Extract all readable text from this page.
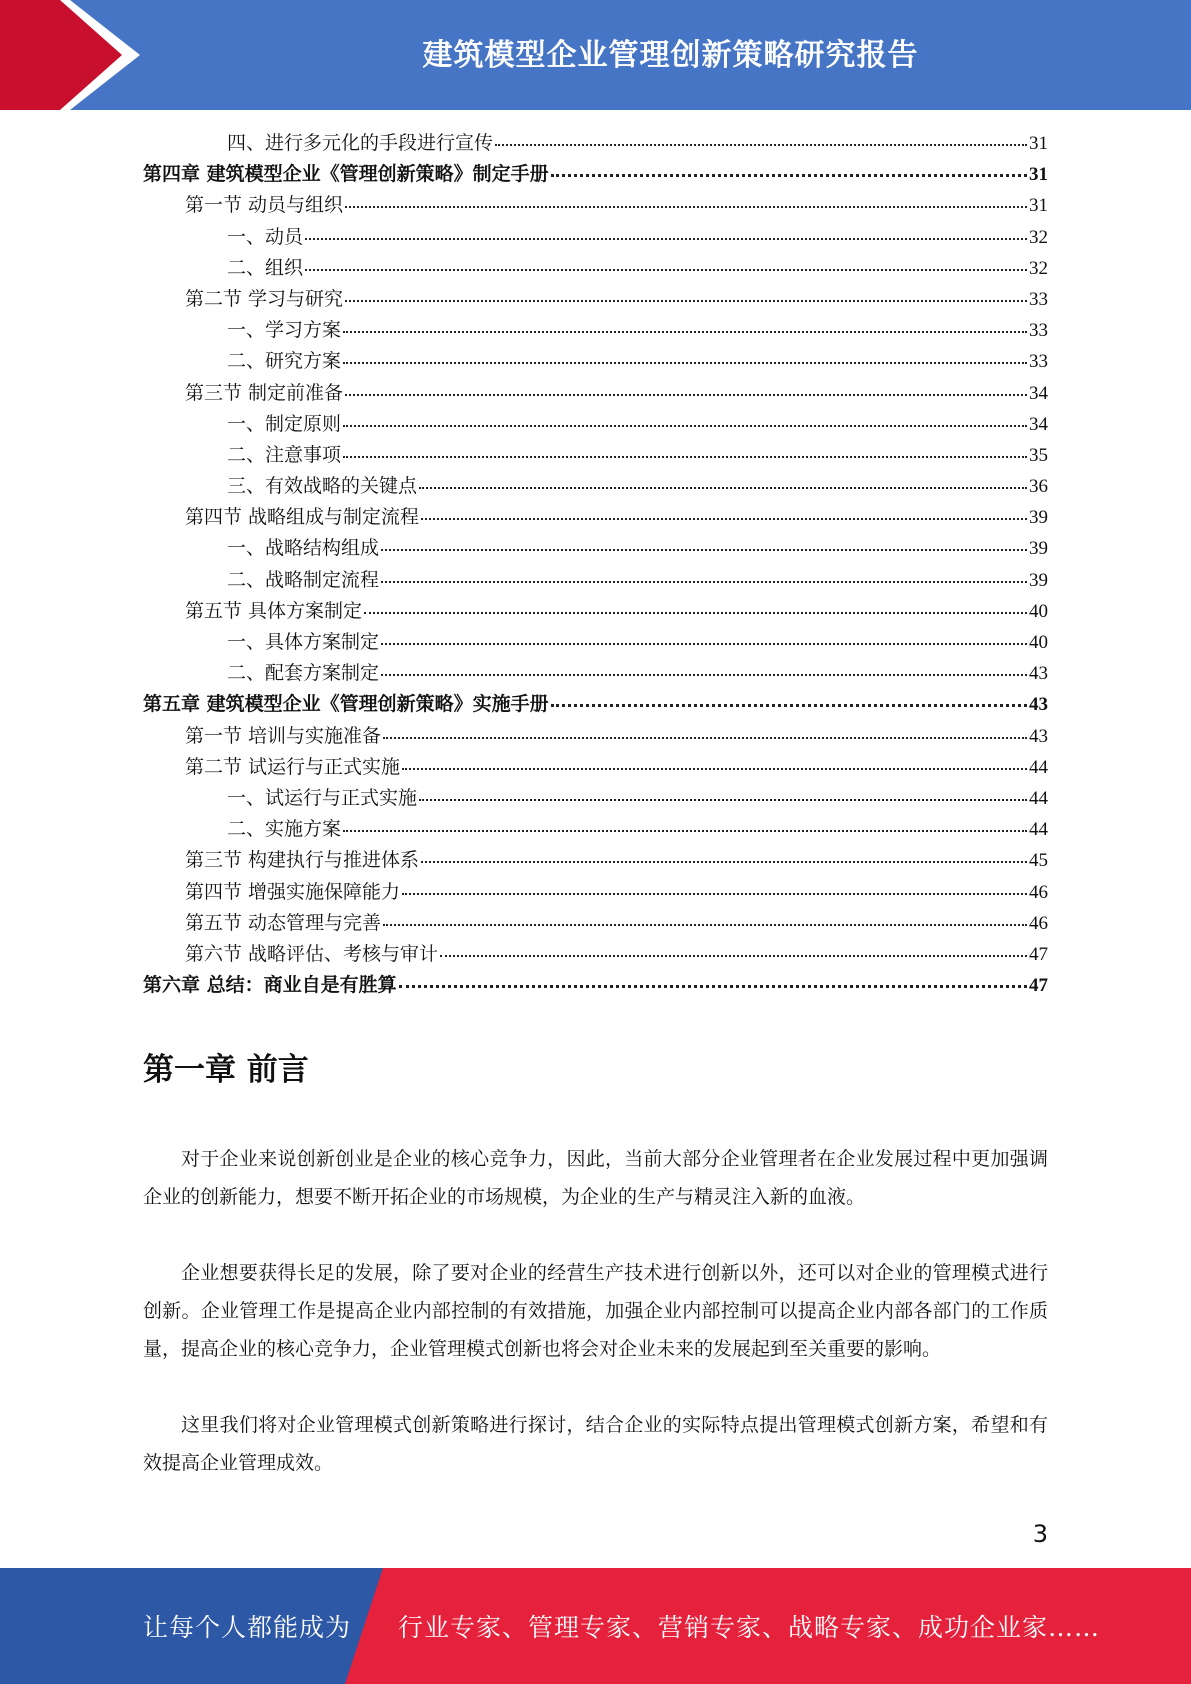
建筑模型企业管理创新策略研究报告
四、进行多元化的手段进行宣传	31
第四章 建筑模型企业《管理创新策略》制定手册	31
第一节 动员与组织	31
一、动员	32
二、组织	32
第二节 学习与研究	33
一、学习方案	33
二、研究方案	33
第三节 制定前准备	34
一、制定原则	34
二、注意事项	35
三、有效战略的关键点	36
第四节 战略组成与制定流程	39
一、战略结构组成	39
二、战略制定流程	39
第五节 具体方案制定	40
一、具体方案制定	40
二、配套方案制定	43
第五章 建筑模型企业《管理创新策略》实施手册	43
第一节 培训与实施准备	43
第二节 试运行与正式实施	44
一、试运行与正式实施	44
二、实施方案	44
第三节 构建执行与推进体系	45
第四节 增强实施保障能力	46
第五节 动态管理与完善	46
第六节 战略评估、考核与审计	47
第六章 总结：商业自是有胜算	47
第一章 前言

对于企业来说创新创业是企业的核心竞争力，因此，当前大部分企业管理者在企业发展过程中更加强调企业的创新能力，想要不断开拓企业的市场规模，为企业的生产与精灵注入新的血液。

企业想要获得长足的发展，除了要对企业的经营生产技术进行创新以外，还可以对企业的管理模式进行创新。企业管理工作是提高企业内部控制的有效措施，加强企业内部控制可以提高企业内部各部门的工作质量，提高企业的核心竞争力，企业管理模式创新也将会对企业未来的发展起到至关重要的影响。

这里我们将对企业管理模式创新策略进行探讨，结合企业的实际特点提出管理模式创新方案，希望和有效提高企业管理成效。

3
让每个人都能成为 行业专家、管理专家、营销专家、战略专家、成功企业家……
